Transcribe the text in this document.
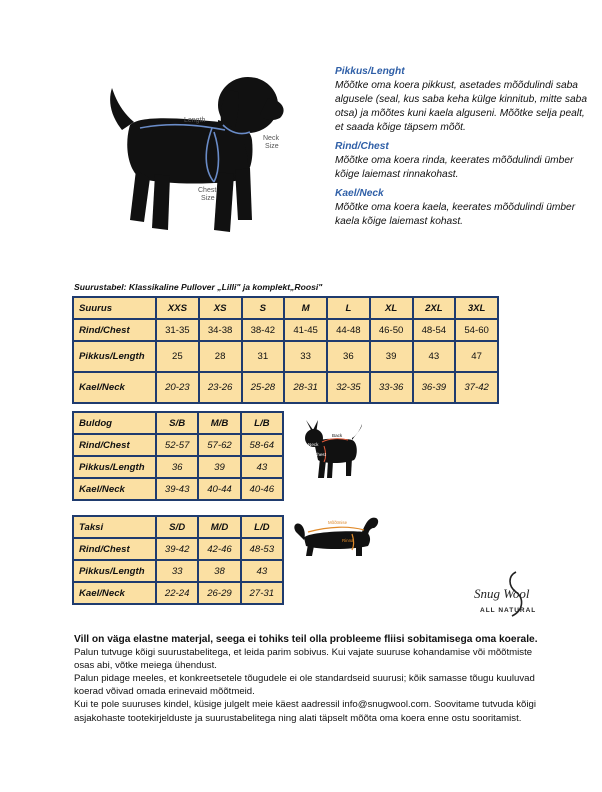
Length
Neck
Size
Chest
Size
Pikkus/Lenght
Mõõtke oma koera pikkust, asetades mõõdulindi saba alguselе (seal, kus saba keha külge kinnitub, mitte saba otsa) ja mõõtes kuni kaela alguseni. Mõõtke selja pealt, et saada kõige täpsem mõõt.
Rind/Chest
Mõõtke oma koera rinda, keerates mõõdulindi ümber kõige laiemast rinnakohast.
Kael/Neck
Mõõtke oma koera kaela, keerates mõõdulindi ümber kaela kõige laiemast kohast.
Suurustabel: Klassikaline Pullover „Lilli" ja komplekt„Roosi"
Suurus	XXS	XS	S	M	L	XL	2XL	3XL
Rind/Chest	31-35	34-38	38-42	41-45	44-48	46-50	48-54	54-60
Pikkus/Length	25	28	31	33	36	39	43	47
Kael/Neck	20-23	23-26	25-28	28-31	32-35	33-36	36-39	37-42
Buldog	S/B	M/B	L/B
Rind/Chest	52-57	57-62	58-64
Pikkus/Length	36	39	43
Kael/Neck	39-43	40-44	40-46
Neck
Back
Chest
Taksi	S/D	M/D	L/D
Rind/Chest	39-42	42-46	48-53
Pikkus/Length	33	38	43
Kael/Neck	22-24	26-29	27-31
Mõõtmise
Rinna
Snug Wool
ALL NATURAL

Vill on väga elastne materjal, seega ei tohiks teil olla probleeme fliisi sobitamisega oma koerale.

Palun tutvuge kõigi suurustabelitega, et leida parim sobivus. Kui vajate suuruse kohandamise või mõõtmiste osas abi, võtke meiega ühendust.

Palun pidage meeles, et konkreetsetele tõugudele ei ole standardseid suurusi; kõik samasse tõugu kuuluvad koerad võivad omada erinevaid mõõtmeid.

Kui te pole suuruses kindel, küsige julgelt meie käest aadressil info@snugwool.com. Soovitame tutvuda kõigi asjakohaste tootekirjelduste ja suurustabelitega ning alati täpselt mõõta oma koera enne ostu sooritamist.
